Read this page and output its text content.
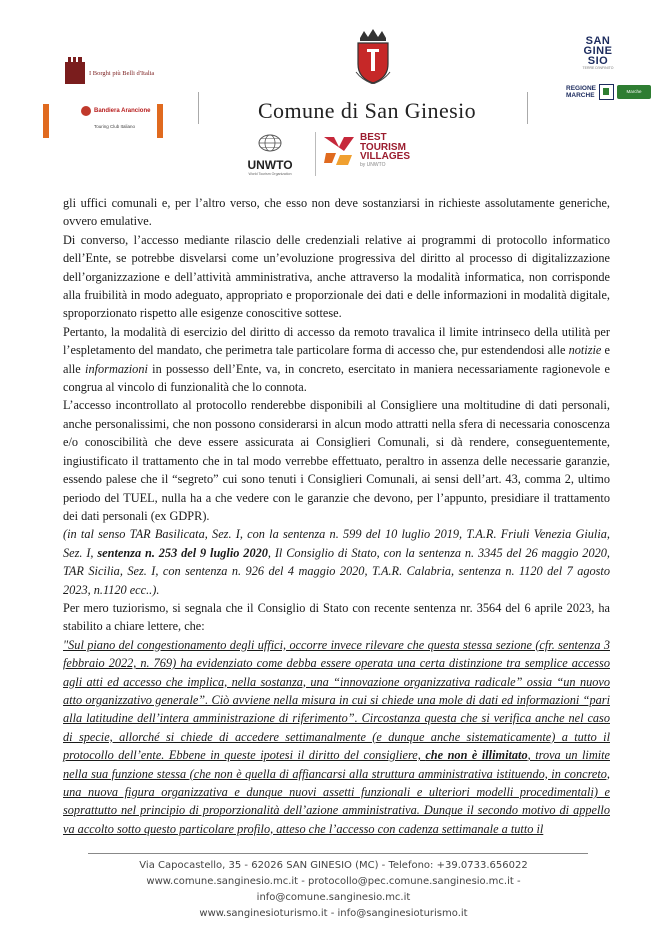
I Borghi più Belli d'Italia
Bandiera Arancione
Touring Club Italiano
Comune di San Ginesio
UNWTO
World Tourism Organization
BEST
TOURISM
VILLAGES
by UNWTO
SAN
GINE
SIO
TERRE D'INFINITO
REGIONE
MARCHE
Marche

gli uffici comunali e, per l’altro verso, che esso non deve sostanziarsi in richieste assolutamente generiche, ovvero emulative.

Di converso, l’accesso mediante rilascio delle credenziali relative ai programmi di protocollo informatico dell’Ente, se potrebbe disvelarsi come un’evoluzione progressiva del diritto al processo di digitalizzazione dell’organizzazione e dell’attività amministrativa, anche attraverso la modalità informatica, non corrisponde alla fruibilità in modo adeguato, appropriato e proporzionale dei dati e delle informazioni in modalità digitale, sproporzionato rispetto alle esigenze conoscitive sottese.

Pertanto, la modalità di esercizio del diritto di accesso da remoto travalica il limite intrinseco della utilità per l’espletamento del mandato, che perimetra tale particolare forma di accesso che, pur estendendosi alle notizie e alle informazioni in possesso dell’Ente, va, in concreto, esercitato in maniera necessariamente ragionevole e congrua al vincolo di funzionalità che lo connota.

L’accesso incontrollato al protocollo renderebbe disponibili al Consigliere una moltitudine di dati personali, anche personalissimi, che non possono considerarsi in alcun modo attratti nella sfera di necessaria conoscenza e/o conoscibilità che deve essere assicurata ai Consiglieri Comunali, si dà rendere, conseguentemente, ingiustificato il trattamento che in tal modo verrebbe effettuato, peraltro in assenza delle necessarie garanzie, essendo palese che il “segreto” cui sono tenuti i Consiglieri Comunali, ai sensi dell’art. 43, comma 2, ultimo periodo del TUEL, nulla ha a che vedere con le garanzie che devono, per l’appunto, presidiare il trattamento dei dati personali (ex GDPR).

(in tal senso TAR Basilicata, Sez. I, con la sentenza n. 599 del 10 luglio 2019, T.A.R. Friuli Venezia Giulia, Sez. I, sentenza n. 253 del 9 luglio 2020, Il Consiglio di Stato, con la sentenza n. 3345 del 26 maggio 2020, TAR Sicilia, Sez. I, con sentenza n. 926 del 4 maggio 2020, T.A.R. Calabria, sentenza n. 1120 del 7 agosto 2023, n.1120 ecc..).

Per mero tuziorismo, si segnala che il Consiglio di Stato con recente sentenza nr. 3564 del 6 aprile 2023, ha stabilito a chiare lettere, che:

"Sul piano del congestionamento degli uffici, occorre invece rilevare che questa stessa sezione (cfr. sentenza 3 febbraio 2022, n. 769) ha evidenziato come debba essere operata una certa distinzione tra semplice accesso agli atti ed accesso che implica, nella sostanza, una “innovazione organizzativa radicale” ossia “un nuovo atto organizzativo generale”. Ciò avviene nella misura in cui si chiede una mole di dati ed informazioni “pari alla latitudine dell’intera amministrazione di riferimento”. Circostanza questa che si verifica anche nel caso di specie, allorché si chiede di accedere settimanalmente (e dunque anche sistematicamente) a tutto il protocollo dell’ente. Ebbene in queste ipotesi il diritto del consigliere, che non è illimitato, trova un limite nella sua funzione stessa (che non è quella di affiancarsi alla struttura amministrativa istituendo, in concreto, una nuova figura organizzativa e dunque nuovi assetti funzionali e ulteriori modelli procedimentali) e soprattutto nel principio di proporzionalità dell’azione amministrativa. Dunque il secondo motivo di appello va accolto sotto questo particolare profilo, atteso che l’accesso con cadenza settimanale a tutto il

Via Capocastello, 35 - 62026 SAN GINESIO (MC) - Telefono: +39.0733.656022
www.comune.sanginesio.mc.it - protocollo@pec.comune.sanginesio.mc.it -
info@comune.sanginesio.mc.it
www.sanginesioturismo.it - info@sanginesioturismo.it
